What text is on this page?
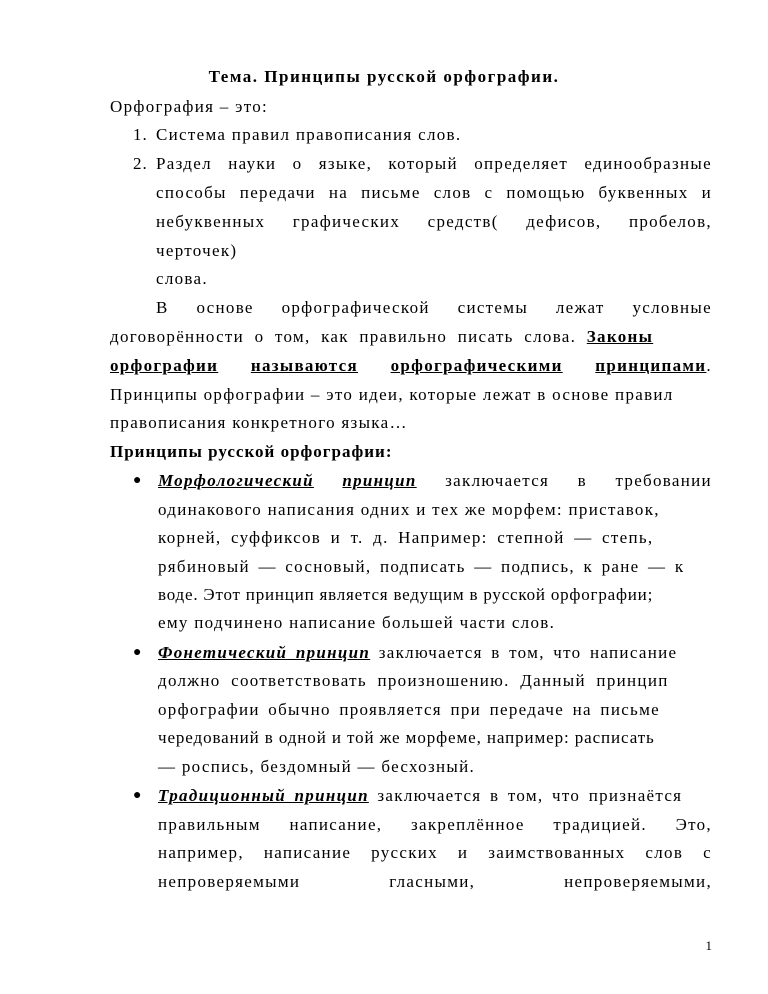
Тема. Принципы русской орфографии.
Орфография – это:
1. Система правил правописания слов.
2. Раздел науки о языке, который определяет единообразные
способы передачи на письме слов с помощью буквенных и
небуквенных графических средств( дефисов, пробелов,
черточек)
слова.
В основе орфографической системы лежат условные
договорённости о том, как правильно писать слова. Законы
орфографии называются орфографическими принципами.
Принципы орфографии – это идеи, которые лежат в основе правил
правописания конкретного языка…
Принципы русской орфографии:
● Морфологический принцип заключается в требовании
одинакового написания одних и тех же морфем: приставок,
корней, суффиксов и т. д. Например: степной — степь,
рябиновый — сосновый, подписать — подпись, к ране — к
воде. Этот принцип является ведущим в русской орфографии;
ему подчинено написание большей части слов.
● Фонетический принцип заключается в том, что написание
должно соответствовать произношению. Данный принцип
орфографии обычно проявляется при передаче на письме
чередований в одной и той же морфеме, например: расписать
— роспись, бездомный — бесхозный.
● Традиционный принцип заключается в том, что признаётся
правильным написание, закреплённое традицией. Это,
например, написание русских и заимствованных слов с
непроверяемыми	гласными,	непроверяемыми,
1
